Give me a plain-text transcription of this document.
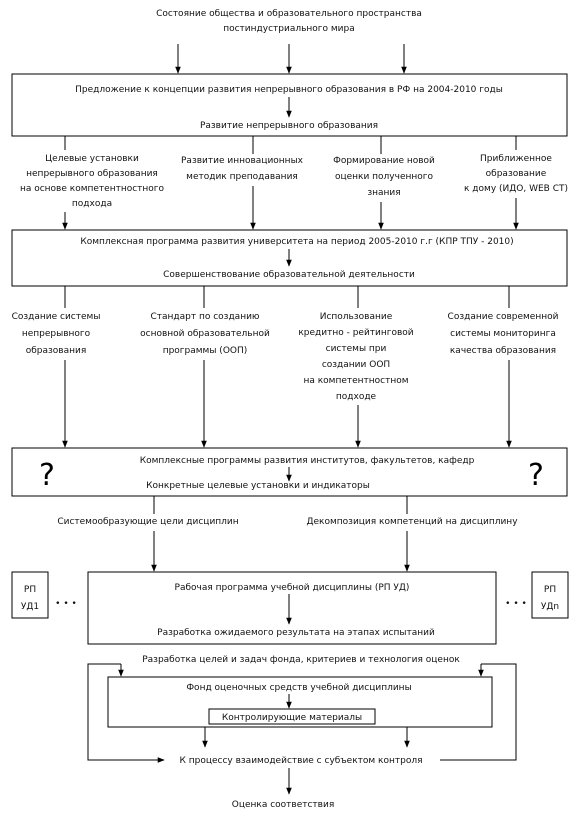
Состояние общества и образовательного пространства
постиндустриального мира
Предложение к концепции развития непрерывного образования в РФ на 2004-2010 годы
Развитие непрерывного образования
Целевые установки
непрерывного образования
на основе компетентностного
подхода
Развитие инновационных
методик преподавания
Формирование новой
оценки полученного
знания
Приближенное
образование
к дому (ИДО, WEB CT)
Комплексная программа развития университета на период 2005-2010 г.г (КПР ТПУ - 2010)
Совершенствование образовательной деятельности
Создание системы
непрерывного
образования
Стандарт по созданию
основной образовательной
программы (ООП)
Использование
кредитно - рейтинговой
системы при
создании ООП
на компетентностном
подходе
Создание современной
системы мониторинга
качества образования
?	?
Комплексные программы развития институтов, факультетов, кафедр
Конкретные целевые установки и индикаторы
Системообразующие цели дисциплин	Декомпозиция компетенций на дисциплину
РП
УД1 • • •
РП
УДn
• • •
Рабочая программа учебной дисциплины (РП УД)
Разработка ожидаемого результата на этапах испытаний
Разработка целей и задач фонда, критериев и технология оценок
Фонд оценочных средств учебной дисциплины
Контролирующие материалы
К процессу взаимодействие с субъектом контроля
Оценка соответствия
